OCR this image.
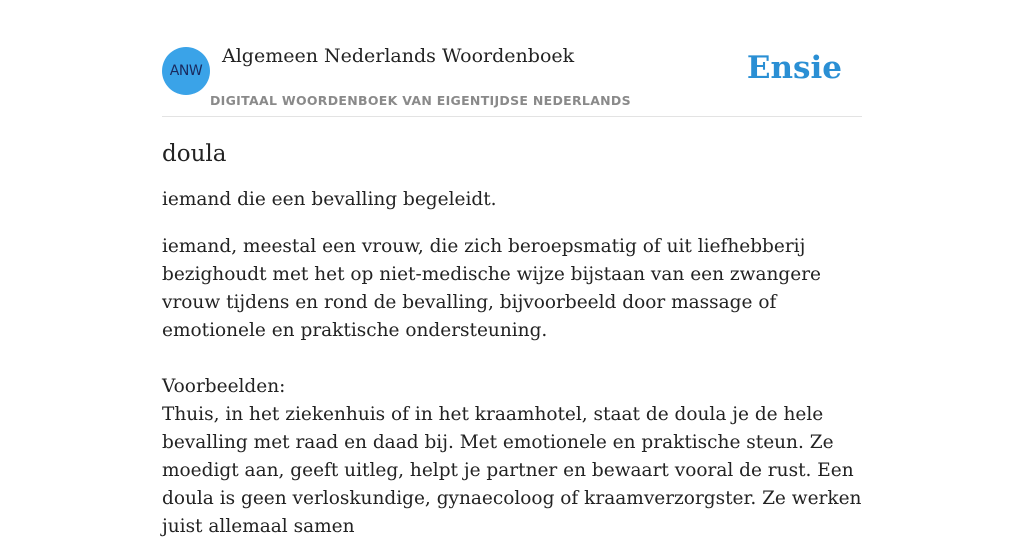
ANW
Algemeen Nederlands Woordenboek
DIGITAAL WOORDENBOEK VAN EIGENTIJDSE NEDERLANDS
Ensie
doula

iemand die een bevalling begeleidt.

iemand, meestal een vrouw, die zich beroepsmatig of uit liefhebberij bezighoudt met het op niet-medische wijze bijstaan van een zwangere vrouw tijdens en rond de bevalling, bijvoorbeeld door massage of emotionele en praktische ondersteuning.

Voorbeelden:

Thuis, in het ziekenhuis of in het kraamhotel, staat de doula je de hele bevalling met raad en daad bij. Met emotionele en praktische steun. Ze moedigt aan, geeft uitleg, helpt je partner en bewaart vooral de rust. Een doula is geen verloskundige, gynaecoloog of kraamverzorgster. Ze werken juist allemaal samen
